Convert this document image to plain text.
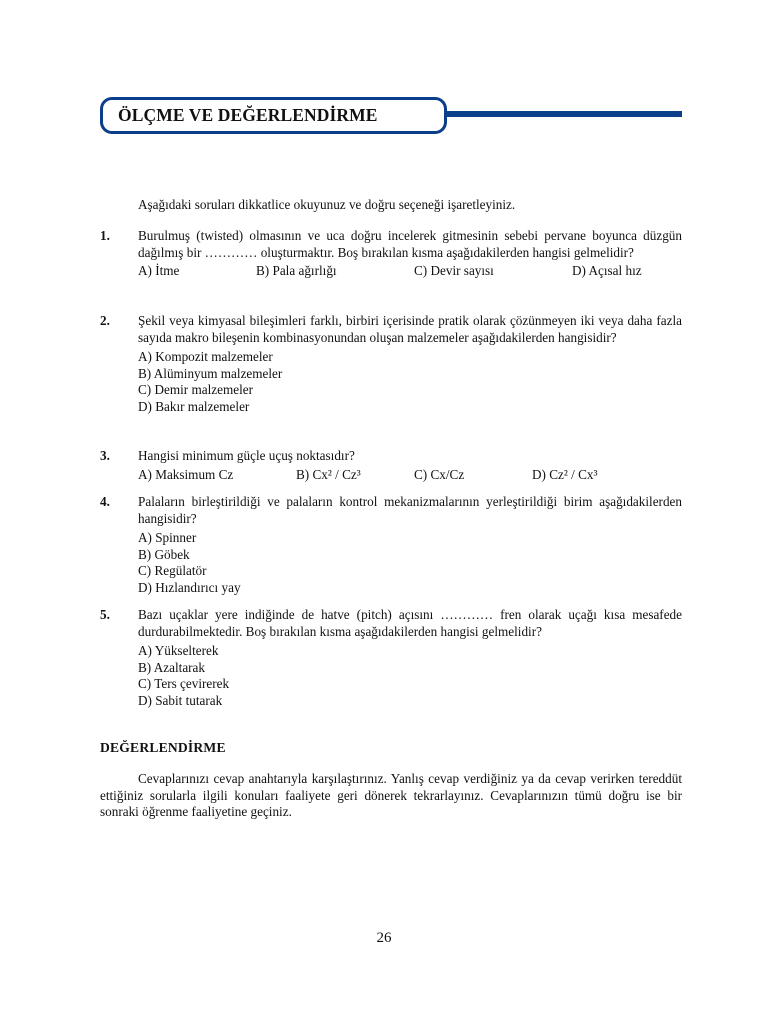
ÖLÇME VE DEĞERLENDİRME
Aşağıdaki soruları dikkatlice okuyunuz ve doğru seçeneği işaretleyiniz.
1. Burulmuş (twisted) olmasının ve uca doğru incelerek gitmesinin sebebi pervane boyunca düzgün dağılmış bir ………… oluşturmaktır. Boş bırakılan kısma aşağıdakilerden hangisi gelmelidir?
A) İtme	B) Pala ağırlığı	C) Devir sayısı	D) Açısal hız
2. Şekil veya kimyasal bileşimleri farklı, birbiri içerisinde pratik olarak çözünmeyen iki veya daha fazla sayıda makro bileşenin kombinasyonundan oluşan malzemeler aşağıdakilerden hangisidir?
A) Kompozit malzemeler
B) Alüminyum malzemeler
C) Demir malzemeler
D) Bakır malzemeler
3. Hangisi minimum güçle uçuş noktasıdır?
A) Maksimum Cz	B) Cx² / Cz³	C) Cx/Cz	D) Cz² / Cx³
4. Palaların birleştirildiği ve palaların kontrol mekanizmalarının yerleştirildiği birim aşağıdakilerden hangisidir?
A) Spinner
B) Göbek
C) Regülatör
D) Hızlandırıcı yay
5. Bazı uçaklar yere indiğinde de hatve (pitch) açısını ………… fren olarak uçağı kısa mesafede durdurabilmektedir. Boş bırakılan kısma aşağıdakilerden hangisi gelmelidir?
A) Yükselterek
B) Azaltarak
C) Ters çevirerek
D) Sabit tutarak
DEĞERLENDİRME
Cevaplarınızı cevap anahtarıyla karşılaştırınız. Yanlış cevap verdiğiniz ya da cevap verirken tereddüt ettiğiniz sorularla ilgili konuları faaliyete geri dönerek tekrarlayınız. Cevaplarınızın tümü doğru ise bir sonraki öğrenme faaliyetine geçiniz.
26
